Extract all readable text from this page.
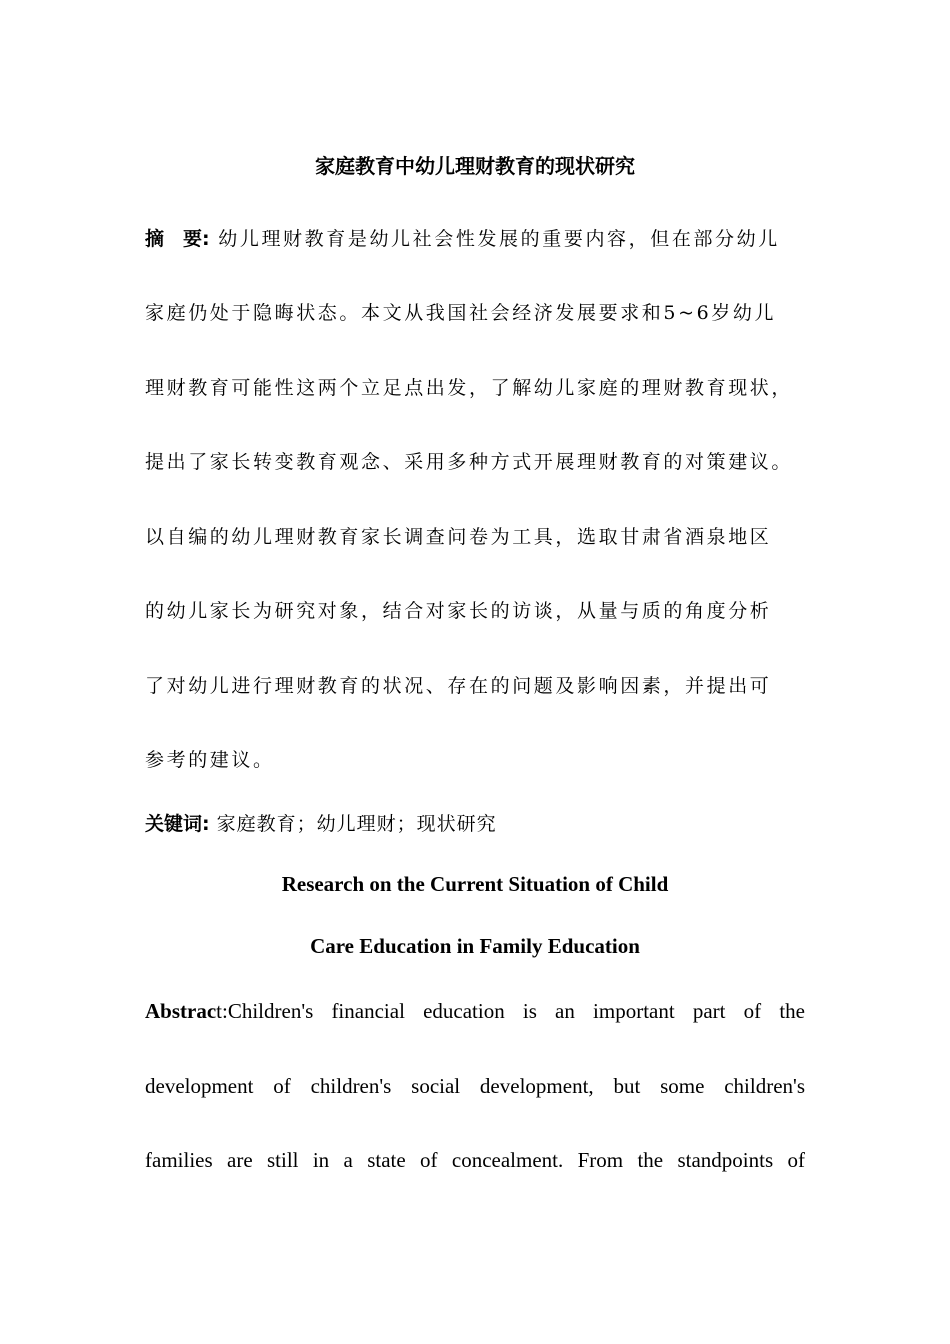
家庭教育中幼儿理财教育的现状研究
摘　要: 幼儿理财教育是幼儿社会性发展的重要内容，但在部分幼儿
家庭仍处于隐晦状态。本文从我国社会经济发展要求和5~6岁幼儿
理财教育可能性这两个立足点出发，了解幼儿家庭的理财教育现状，
提出了家长转变教育观念、采用多种方式开展理财教育的对策建议。
以自编的幼儿理财教育家长调查问卷为工具，选取甘肃省酒泉地区
的幼儿家长为研究对象，结合对家长的访谈，从量与质的角度分析
了对幼儿进行理财教育的状况、存在的问题及影响因素，并提出可
参考的建议。
关键词: 家庭教育；幼儿理财；现状研究
Research on the Current Situation of Child
Care Education in Family Education
Abstract:Children's financial education is an important part of the
development of children's social development, but some children's
families are still in a state of concealment. From the standpoints of
